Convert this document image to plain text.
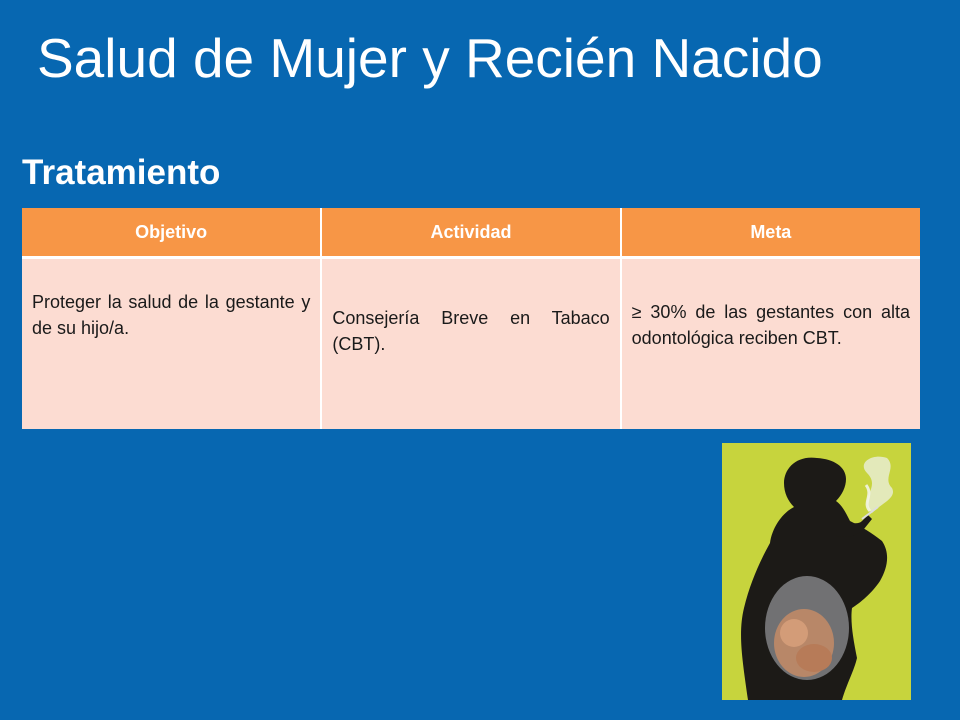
Salud de Mujer y Recién Nacido
Tratamiento
Objetivo	Actividad	Meta

Proteger la salud de la gestante y de su hijo/a.	Consejería Breve en Tabaco (CBT).	≥ 30% de las gestantes con alta odontológica reciben CBT.
